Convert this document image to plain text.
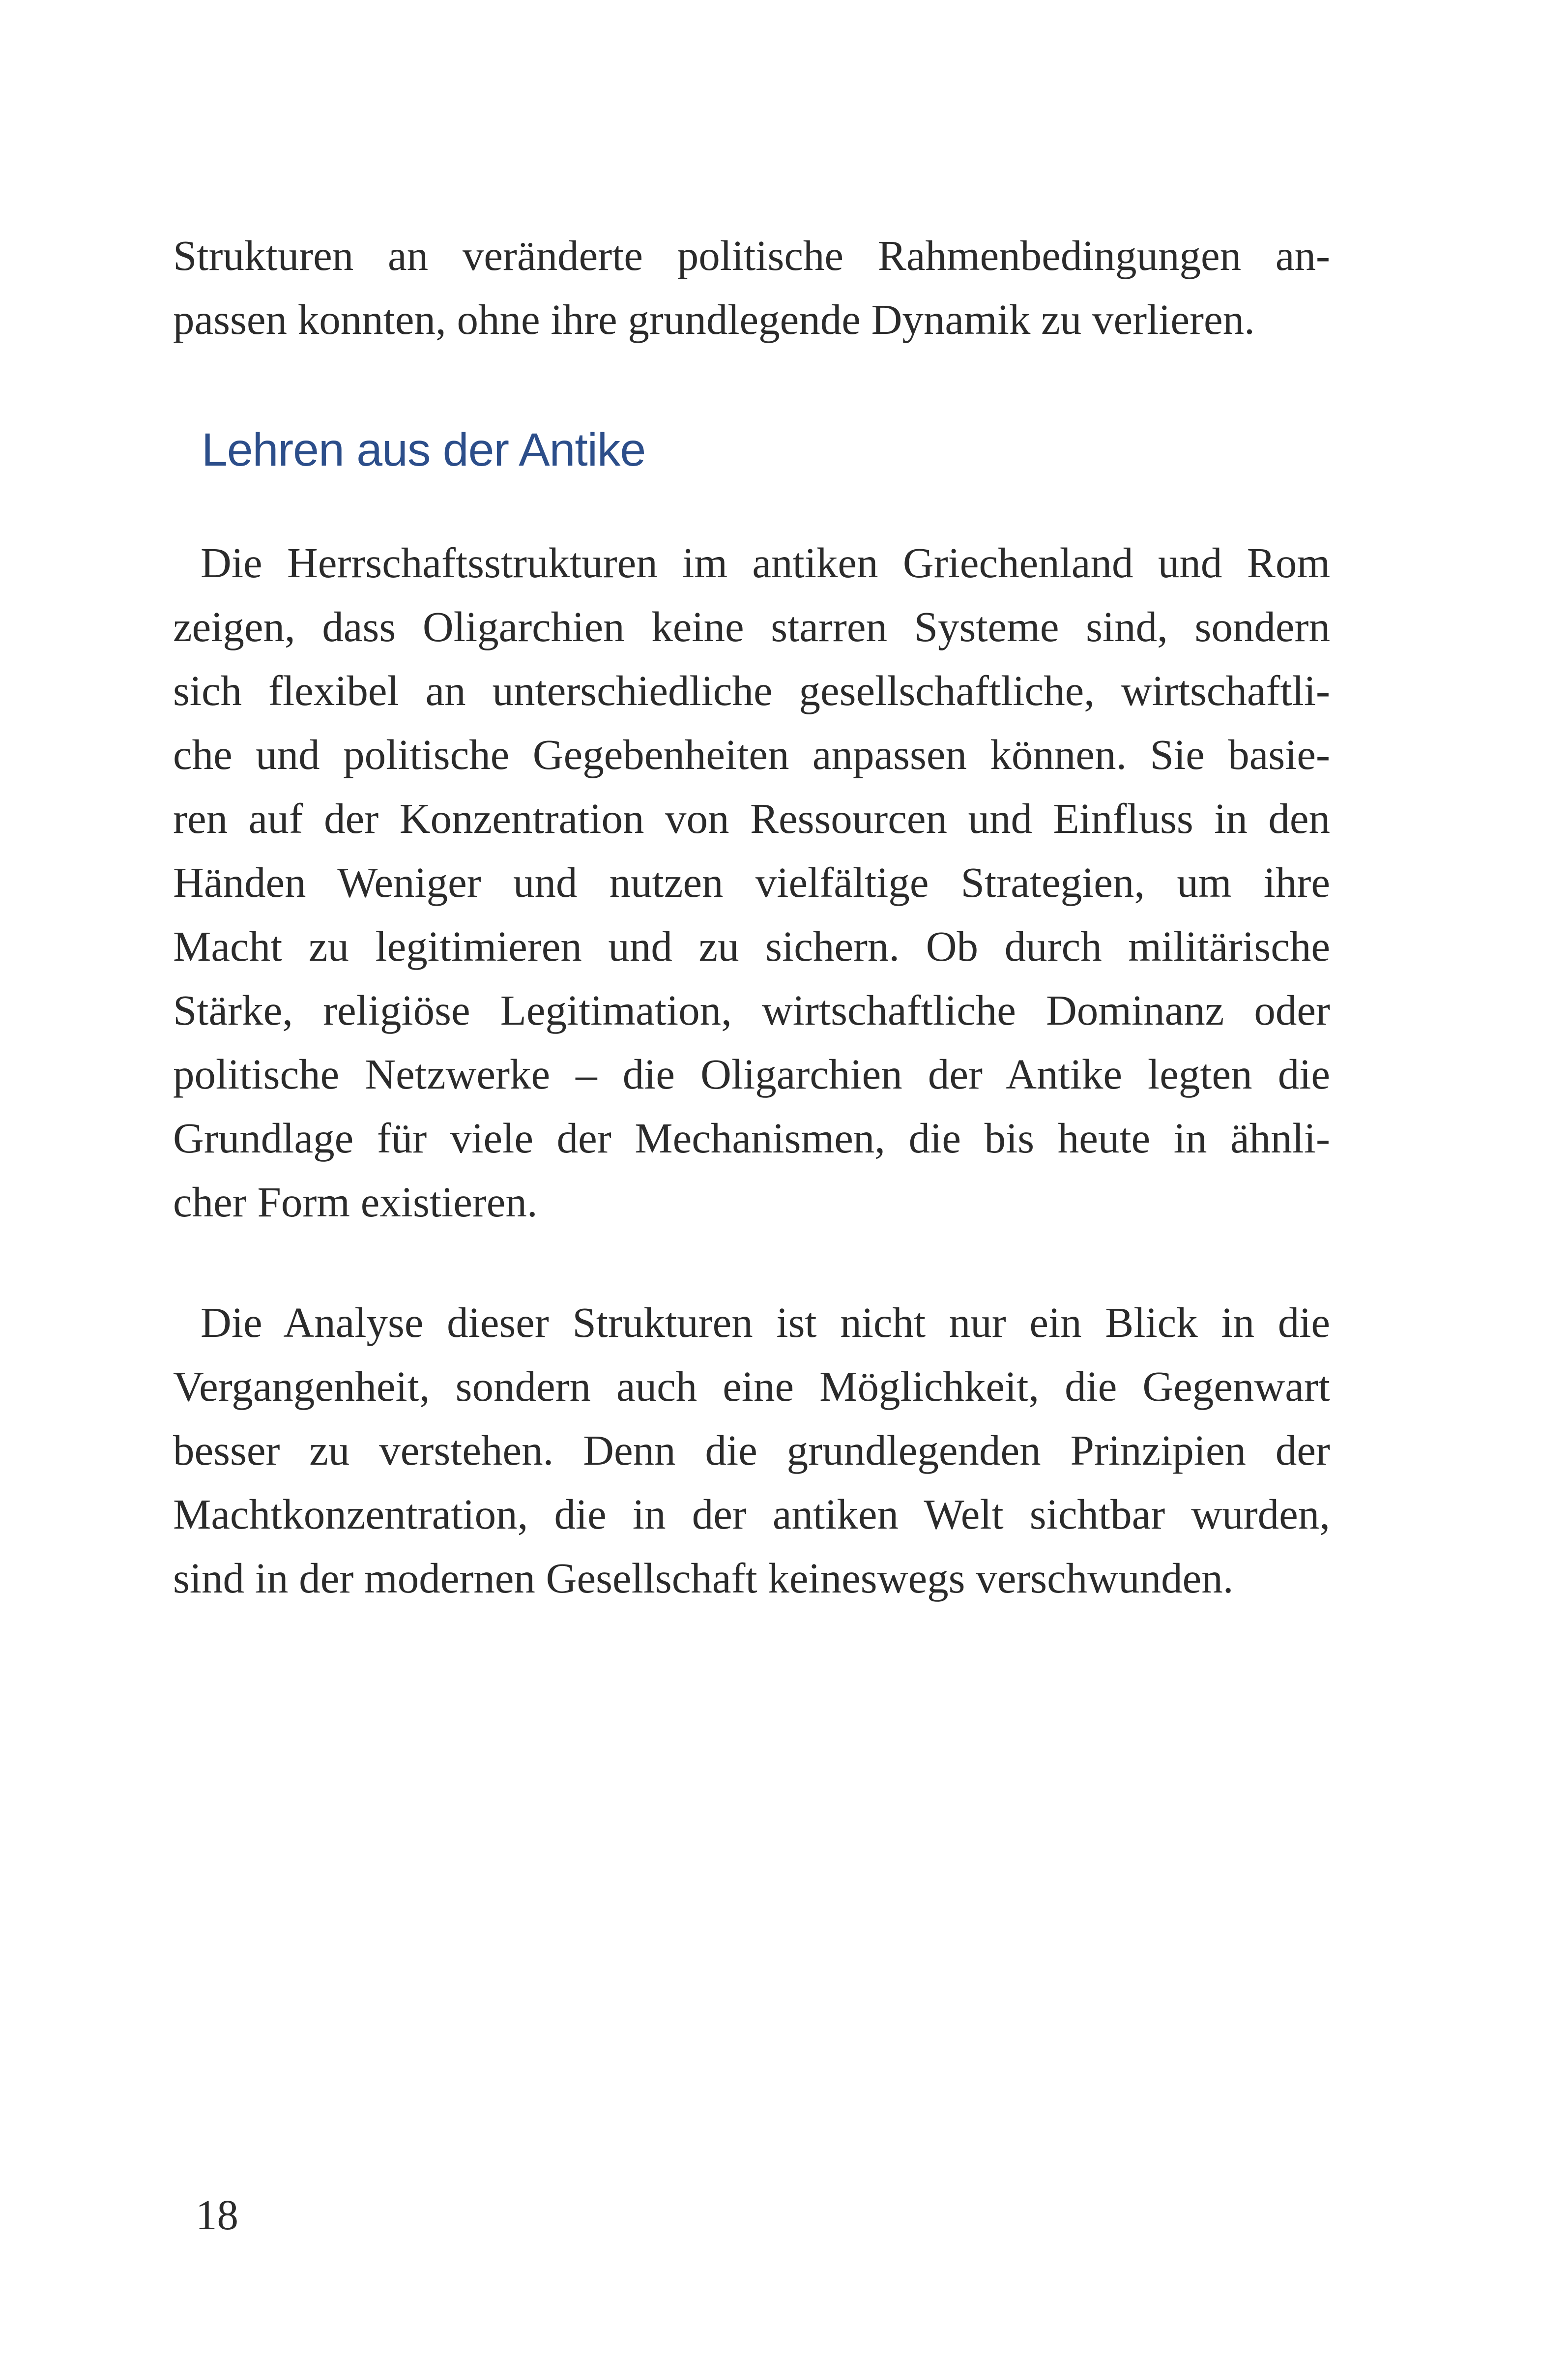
Strukturen an veränderte politische Rahmenbedingungen an-
passen konnten, ohne ihre grundlegende Dynamik zu verlieren.
Lehren aus der Antike
Die Herrschaftsstrukturen im antiken Griechenland und Rom
zeigen, dass Oligarchien keine starren Systeme sind, sondern
sich flexibel an unterschiedliche gesellschaftliche, wirtschaftli-
che und politische Gegebenheiten anpassen können. Sie basie-
ren auf der Konzentration von Ressourcen und Einfluss in den
Händen Weniger und nutzen vielfältige Strategien, um ihre
Macht zu legitimieren und zu sichern. Ob durch militärische
Stärke, religiöse Legitimation, wirtschaftliche Dominanz oder
politische Netzwerke – die Oligarchien der Antike legten die
Grundlage für viele der Mechanismen, die bis heute in ähnli-
cher Form existieren.
Die Analyse dieser Strukturen ist nicht nur ein Blick in die
Vergangenheit, sondern auch eine Möglichkeit, die Gegenwart
besser zu verstehen. Denn die grundlegenden Prinzipien der
Machtkonzentration, die in der antiken Welt sichtbar wurden,
sind in der modernen Gesellschaft keineswegs verschwunden.
18
